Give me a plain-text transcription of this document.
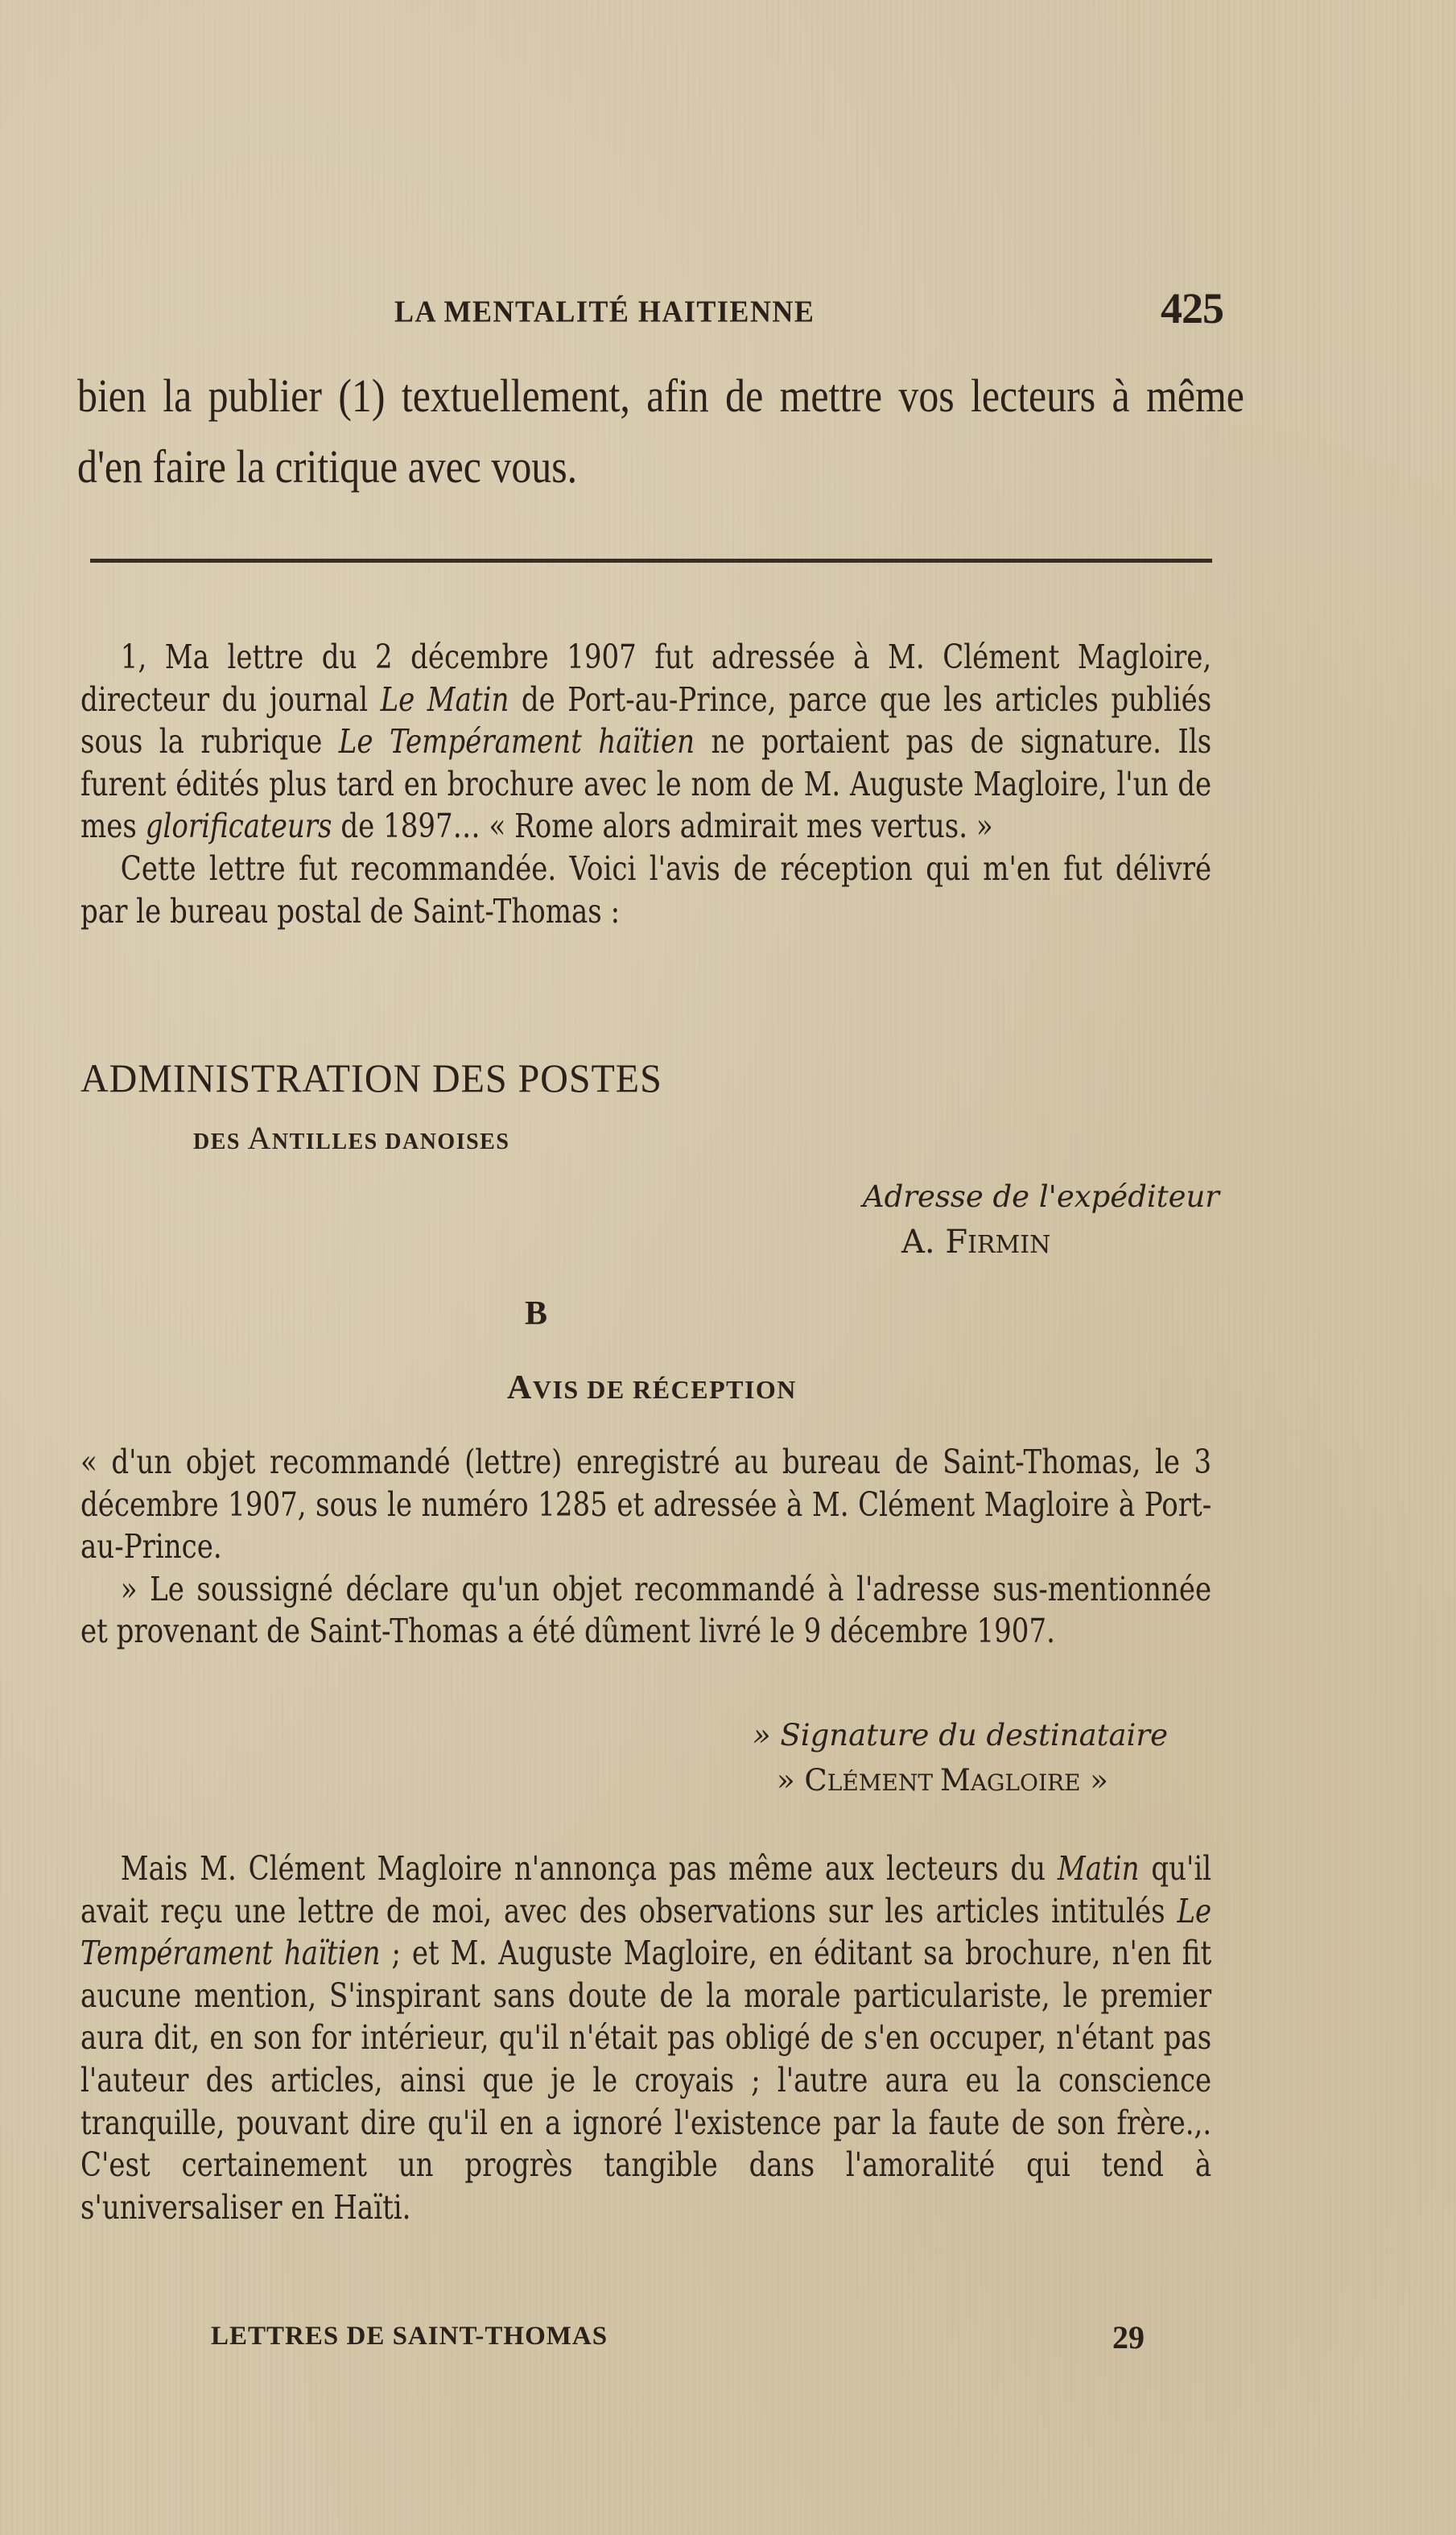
LA MENTALITÉ HAITIENNE	425
bien la publier (1) textuellement, afin de mettre vos lecteurs à même d'en faire la critique avec vous.

1, Ma lettre du 2 décembre 1907 fut adressée à M. Clément Magloire, directeur du journal Le Matin de Port-au-Prince, parce que les articles publiés sous la rubrique Le Tempérament haïtien ne portaient pas de signature. Ils furent édités plus tard en brochure avec le nom de M. Auguste Magloire, l'un de mes glorificateurs de 1897… « Rome alors admirait mes vertus. »

Cette lettre fut recommandée. Voici l'avis de réception qui m'en fut délivré par le bureau postal de Saint-Thomas :

ADMINISTRATION DES POSTES
DES ANTILLES DANOISES
Adresse de l'expéditeur
A. FIRMIN
B
AVIS DE RÉCEPTION

« d'un objet recommandé (lettre) enregistré au bureau de Saint-Thomas, le 3 décembre 1907, sous le numéro 1285 et adressée à M. Clément Magloire à Port-au-Prince.

» Le soussigné déclare qu'un objet recommandé à l'adresse sus-mentionnée et provenant de Saint-Thomas a été dûment livré le 9 décembre 1907.

» Signature du destinataire
» CLÉMENT MAGLOIRE »

Mais M. Clément Magloire n'annonça pas même aux lecteurs du Matin qu'il avait reçu une lettre de moi, avec des observations sur les articles intitulés Le Tempérament haïtien ; et M. Auguste Magloire, en éditant sa brochure, n'en fit aucune mention, S'inspirant sans doute de la morale particulariste, le premier aura dit, en son for intérieur, qu'il n'était pas obligé de s'en occuper, n'étant pas l'auteur des articles, ainsi que je le croyais ; l'autre aura eu la conscience tranquille, pouvant dire qu'il en a ignoré l'existence par la faute de son frère.,. C'est certainement un progrès tangible dans l'amoralité qui tend à s'universaliser en Haïti.

LETTRES DE SAINT-THOMAS	29
